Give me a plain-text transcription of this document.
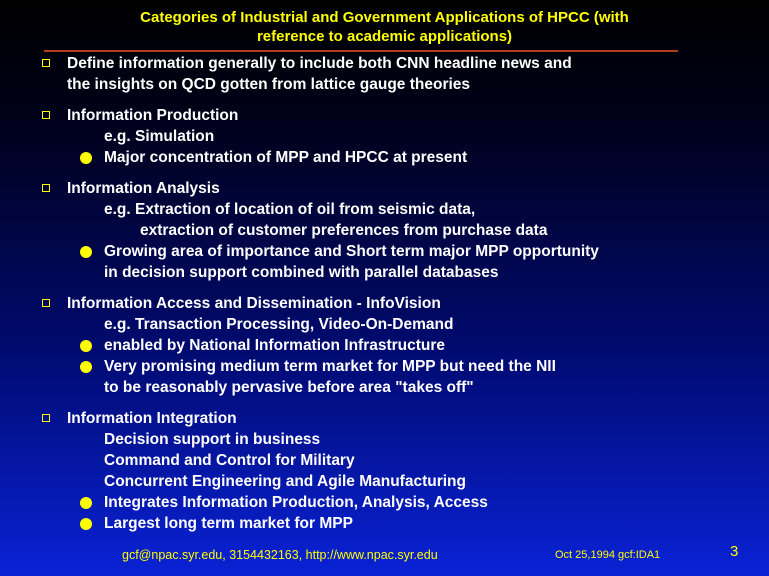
Categories of Industrial and Government Applications of HPCC (with
reference to academic applications)
Define information generally to include both CNN headline news and
the insights on QCD gotten from lattice gauge theories
Information Production
e.g. Simulation
Major concentration of MPP and HPCC at present
Information Analysis
e.g. Extraction of location of oil from seismic data,
extraction of customer preferences from purchase data
Growing area of importance and Short term major MPP opportunity
in decision support combined with parallel databases
Information Access and Dissemination - InfoVision
e.g. Transaction Processing, Video-On-Demand
enabled by National Information Infrastructure
Very promising medium term market for MPP but need the NII
to be reasonably pervasive before area "takes off"
Information Integration
Decision support in business
Command and Control for Military
Concurrent Engineering and Agile Manufacturing
Integrates Information Production, Analysis, Access
Largest long term market for MPP
gcf@npac.syr.edu, 3154432163, http://www.npac.syr.edu	Oct 25,1994 gcf:IDA1	3
